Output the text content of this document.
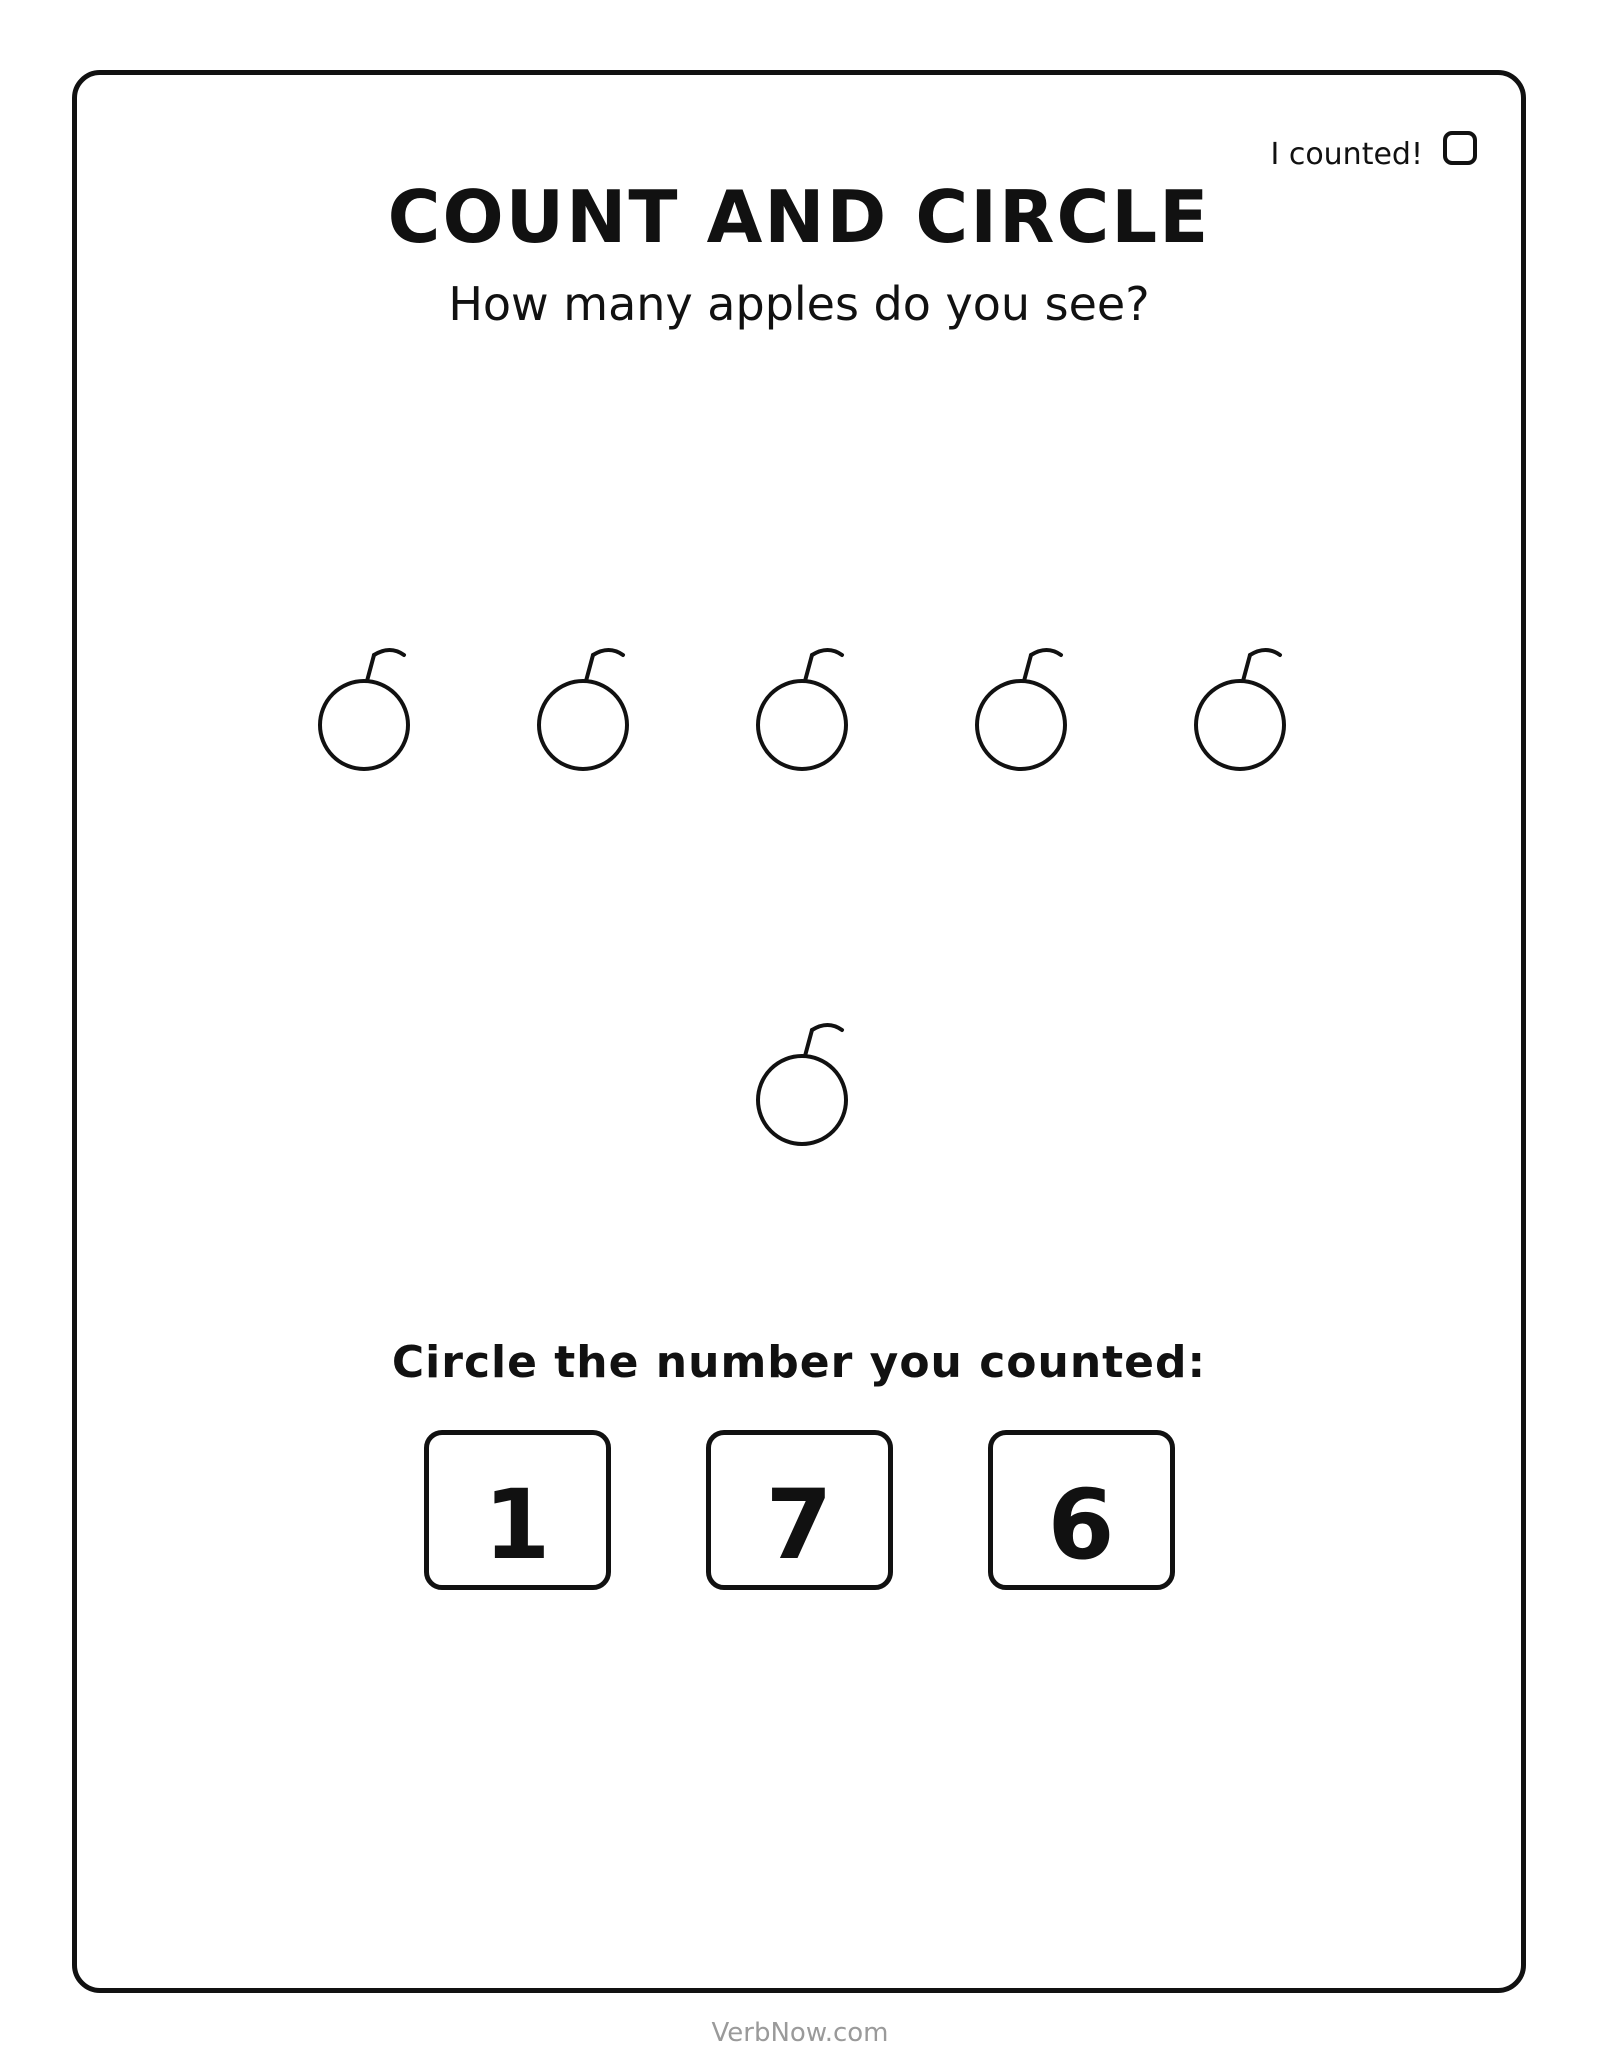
I counted!
COUNT AND CIRCLE
How many apples do you see?
Circle the number you counted:
1	7	6
VerbNow.com
